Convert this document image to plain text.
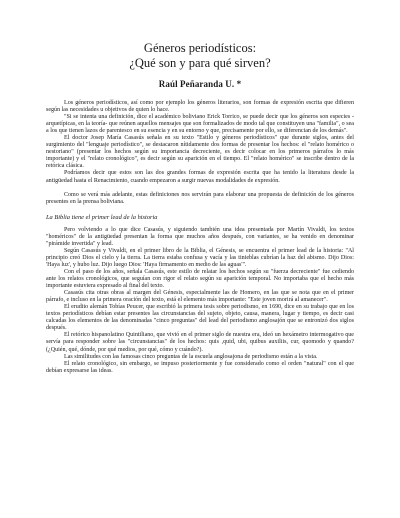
Géneros periodísticos:

¿Qué son y para qué sirven?

Raúl Peñaranda U. *

Los géneros periodísticos, así como por ejemplo los géneros literarios, son formas de expresión escrita que difieren según las necesidades u objetivos de quien lo hace.

"Si se intenta una definición, dice el académico boliviano Erick Torrico, se puede decir que los géneros son especies -arquetípicas, en la teoría- que reúnen aquellos mensajes que son formalizados de modo tal que constituyen una "familia", o sea a los que tienen lazos de parentesco en su esencia y en su entorno y que, precisamente por ello, se diferencian de los demás".

El doctor Josep María Casasús señala en su texto "Estilo y géneros periodísticos" que durante siglos, antes del surgimiento del "lenguaje periodístico", se destacaron nítidamente dos formas de presentar los hechos: el "relato homérico o nestoriano" (presentar los hechos según su importancia decreciente, es decir colocar en los primeros párrafos lo más importante) y el "relato cronológico", es decir según su aparición en el tiempo. El "relato homérico" se inscribe dentro de la retórica clásica.

Podríamos decir que estos son las dos grandes formas de expresión escrita que ha tenido la literatura desde la antigüedad hasta el Renacimiento, cuando empezaron a surgir nuevas modalidades de expresión.

Como se verá más adelante, estas definiciones nos servirán para elaborar una propuesta de definición de los géneros presentes en la prensa boliviana.

La Biblia tiene el primer lead de la historia

Pero volviendo a lo que dice Casasús, y siguiendo también una idea presentada por Martín Vivaldi, los textos "homéricos" de la antigüedad presentan la forma que muchos años después, con variantes, se ha venido en denominar "pirámide invertida" y lead.

Según Casasús y Vivaldi, en el primer libro de la Biblia, el Génesis, se encuentra el primer lead de la historia: "Al principio creó Dios el cielo y la tierra. La tierra estaba confusa y vacía y las tinieblas cubrían la haz del abismo. Dijo Dios: 'Haya luz', y hubo luz. Dijo luego Dios: 'Haya firmamento en medio de las aguas'".

Con el paso de los años, señala Casasús, este estilo de relatar los hechos según su "fuerza decreciente" fue cediendo ante los relatos cronológicos, que seguían con rigor el relato según su aparición temporal. No importaba que el hecho más importante estuviera expresado al final del texto.

Casasús cita otras obras al margen del Génesis, especialmente las de Homero, en las que se nota que en el primer párrafo, e incluso en la primera oración del texto, está el elemento más importante: "Este joven morirá al amanecer".

El erudito alemán Tobías Peucer, que escribió la primera tesis sobre periodismo, en 1690, dice en su trabajo que en los textos periodísticos debían estar presentes las circunstancias del sujeto, objeto, causa, manera, lugar y tiempo, es decir casi calcadas los elementos de las denominadas "cinco preguntas" del lead del periodismo anglosajón que se entronizó dos siglos después.

El retórico hispanolatino Quintiliano, que vivió en el primer siglo de nuestra era, ideó un hexámetro intermogativo que servía para responder sobre las "circunstancias" de los hechos: quis ,quid, ubi, quibus auxiliis, cur, quomodo y quando? (¿Quién, qué, dónde, por qué medios, por qué, cómo y cuándo?).

Las similitudes con las famosas cinco preguntas de la escuela anglosajona de periodismo están a la vista.

El relato cronológico, sin embargo, se impuso posteriormente y fue considerado como el orden "natural" con el que debían expresarse las ideas.
